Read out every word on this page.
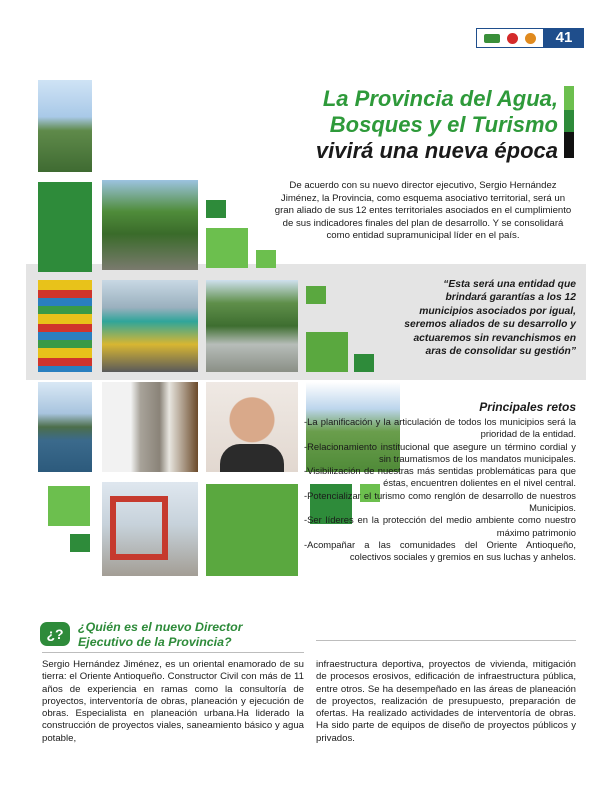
41
La Provincia del Agua,
Bosques y el Turismo
vivirá una nueva época
De acuerdo con su nuevo director ejecutivo, Sergio Hernández Jiménez, la Provincia, como esquema asociativo territorial, será un gran aliado de sus 12 entes territoriales asociados en el cumplimiento de sus indicadores finales del plan de desarrollo. Y se consolidará como entidad supramunicipal líder en el país.
“Esta será una entidad que brindará garantías a los 12 municipios asociados por igual, seremos aliados de su desarrollo y actuaremos sin revanchismos en aras de consolidar su gestión”
Principales retos

-La planificación y la articulación de todos los municipios será la prioridad de la entidad.

-Relacionamiento institucional que asegure un término cordial y sin traumatismos de los mandatos municipales.

-Visibilización de nuestras más sentidas problemáticas para que éstas, encuentren dolientes en el nivel central.

-Potencializar el turismo como renglón de desarrollo de nuestros Municipios.

-Ser líderes en la protección del medio ambiente como nuestro máximo patrimonio

-Acompañar a las comunidades del Oriente Antioqueño, colectivos sociales y gremios en sus luchas y anhelos.

¿?	¿Quién es el nuevo Director Ejecutivo de la Provincia?
Sergio Hernández Jiménez, es un oriental enamorado de su tierra: el Oriente Antioqueño. Constructor Civil con más de 11 años de experiencia en ramas como la consultoría de proyectos, interventoría de obras, planeación y ejecución de obras. Especialista en planeación urbana.Ha liderado la construcción de proyectos viales, saneamiento básico y agua potable,
infraestructura deportiva, proyectos de vivienda, mitigación de procesos erosivos, edificación de infraestructura pública, entre otros. Se ha desempeñado en las áreas de planeación de proyectos, realización de presupuesto, preparación de ofertas. Ha realizado actividades de interventoría de obras. Ha sido parte de equipos de diseño de proyectos públicos y privados.
